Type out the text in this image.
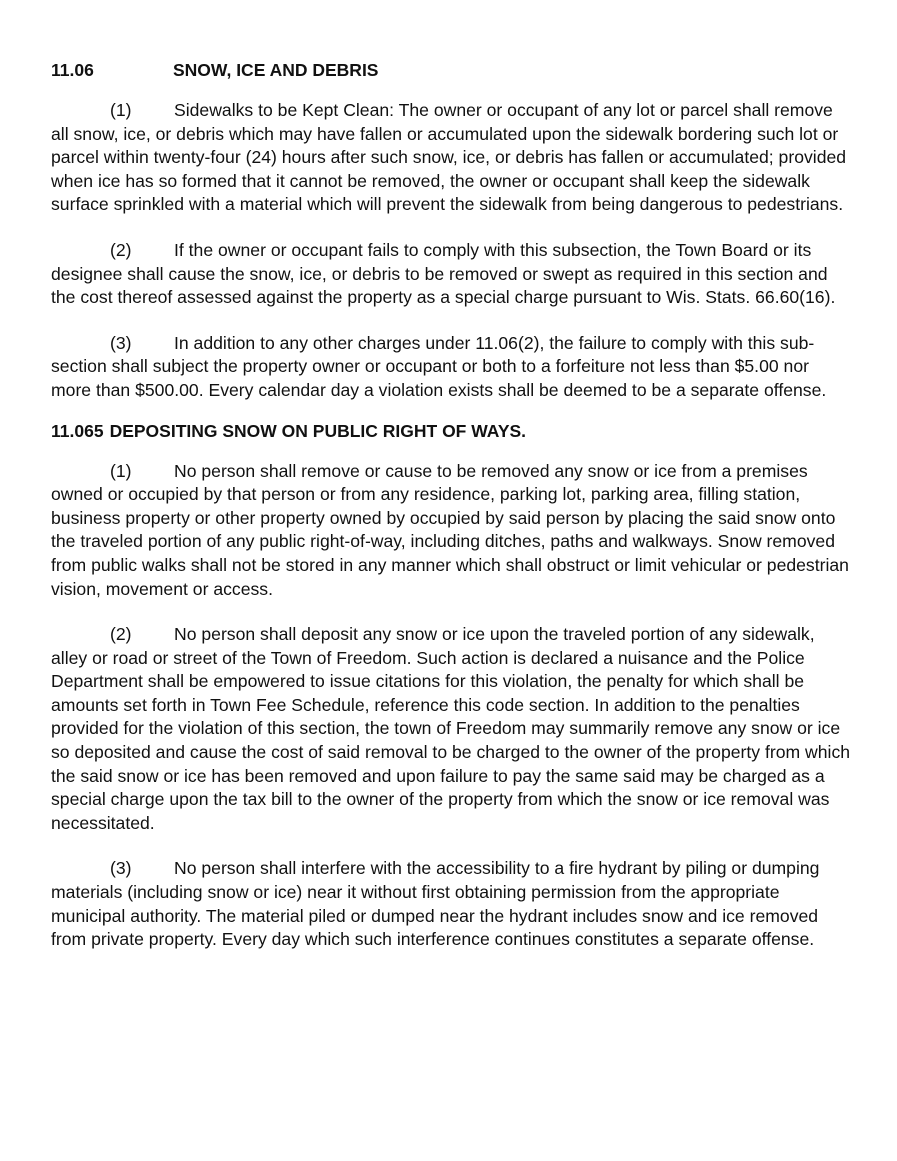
11.06	SNOW, ICE AND DEBRIS

(1) Sidewalks to be Kept Clean: The owner or occupant of any lot or parcel shall remove all snow, ice, or debris which may have fallen or accumulated upon the sidewalk bordering such lot or parcel within twenty-four (24) hours after such snow, ice, or debris has fallen or accumulated; provided when ice has so formed that it cannot be removed, the owner or occupant shall keep the sidewalk surface sprinkled with a material which will prevent the sidewalk from being dangerous to pedestrians.

(2) If the owner or occupant fails to comply with this subsection, the Town Board or its designee shall cause the snow, ice, or debris to be removed or swept as required in this section and the cost thereof assessed against the property as a special charge pursuant to Wis. Stats. 66.60(16).

(3) In addition to any other charges under 11.06(2), the failure to comply with this sub-section shall subject the property owner or occupant or both to a forfeiture not less than $5.00 nor more than $500.00. Every calendar day a violation exists shall be deemed to be a separate offense.

11.065 DEPOSITING SNOW ON PUBLIC RIGHT OF WAYS.

(1) No person shall remove or cause to be removed any snow or ice from a premises owned or occupied by that person or from any residence, parking lot, parking area, filling station, business property or other property owned by occupied by said person by placing the said snow onto the traveled portion of any public right-of-way, including ditches, paths and walkways. Snow removed from public walks shall not be stored in any manner which shall obstruct or limit vehicular or pedestrian vision, movement or access.

(2) No person shall deposit any snow or ice upon the traveled portion of any sidewalk, alley or road or street of the Town of Freedom. Such action is declared a nuisance and the Police Department shall be empowered to issue citations for this violation, the penalty for which shall be amounts set forth in Town Fee Schedule, reference this code section. In addition to the penalties provided for the violation of this section, the town of Freedom may summarily remove any snow or ice so deposited and cause the cost of said removal to be charged to the owner of the property from which the said snow or ice has been removed and upon failure to pay the same said may be charged as a special charge upon the tax bill to the owner of the property from which the snow or ice removal was necessitated.

(3) No person shall interfere with the accessibility to a fire hydrant by piling or dumping materials (including snow or ice) near it without first obtaining permission from the appropriate municipal authority. The material piled or dumped near the hydrant includes snow and ice removed from private property. Every day which such interference continues constitutes a separate offense.
